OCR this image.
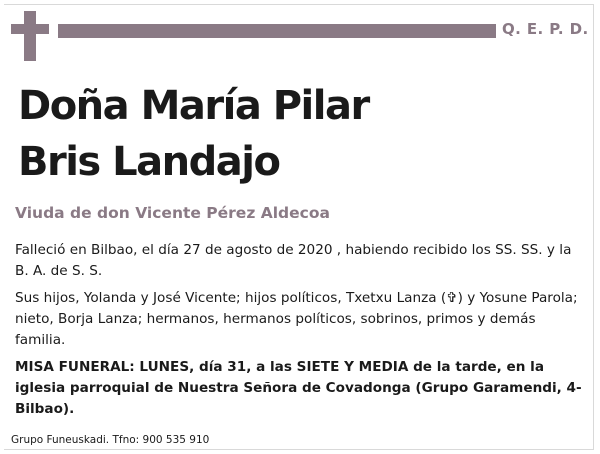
Q. E. P. D.
Doña María Pilar
Bris Landajo
Viuda de don Vicente Pérez Aldecoa

Falleció en Bilbao, el día 27 de agosto de 2020 , habiendo recibido los SS. SS. y la B. A. de S. S.

Sus hijos, Yolanda y José Vicente; hijos políticos, Txetxu Lanza (✞) y Yosune Parola; nieto, Borja Lanza; hermanos, hermanos políticos, sobrinos, primos y demás familia.

MISA FUNERAL: LUNES, día 31, a las SIETE Y MEDIA de la tarde, en la iglesia parroquial de Nuestra Señora de Covadonga (Grupo Garamendi, 4-Bilbao).

Grupo Funeuskadi. Tfno: 900 535 910
